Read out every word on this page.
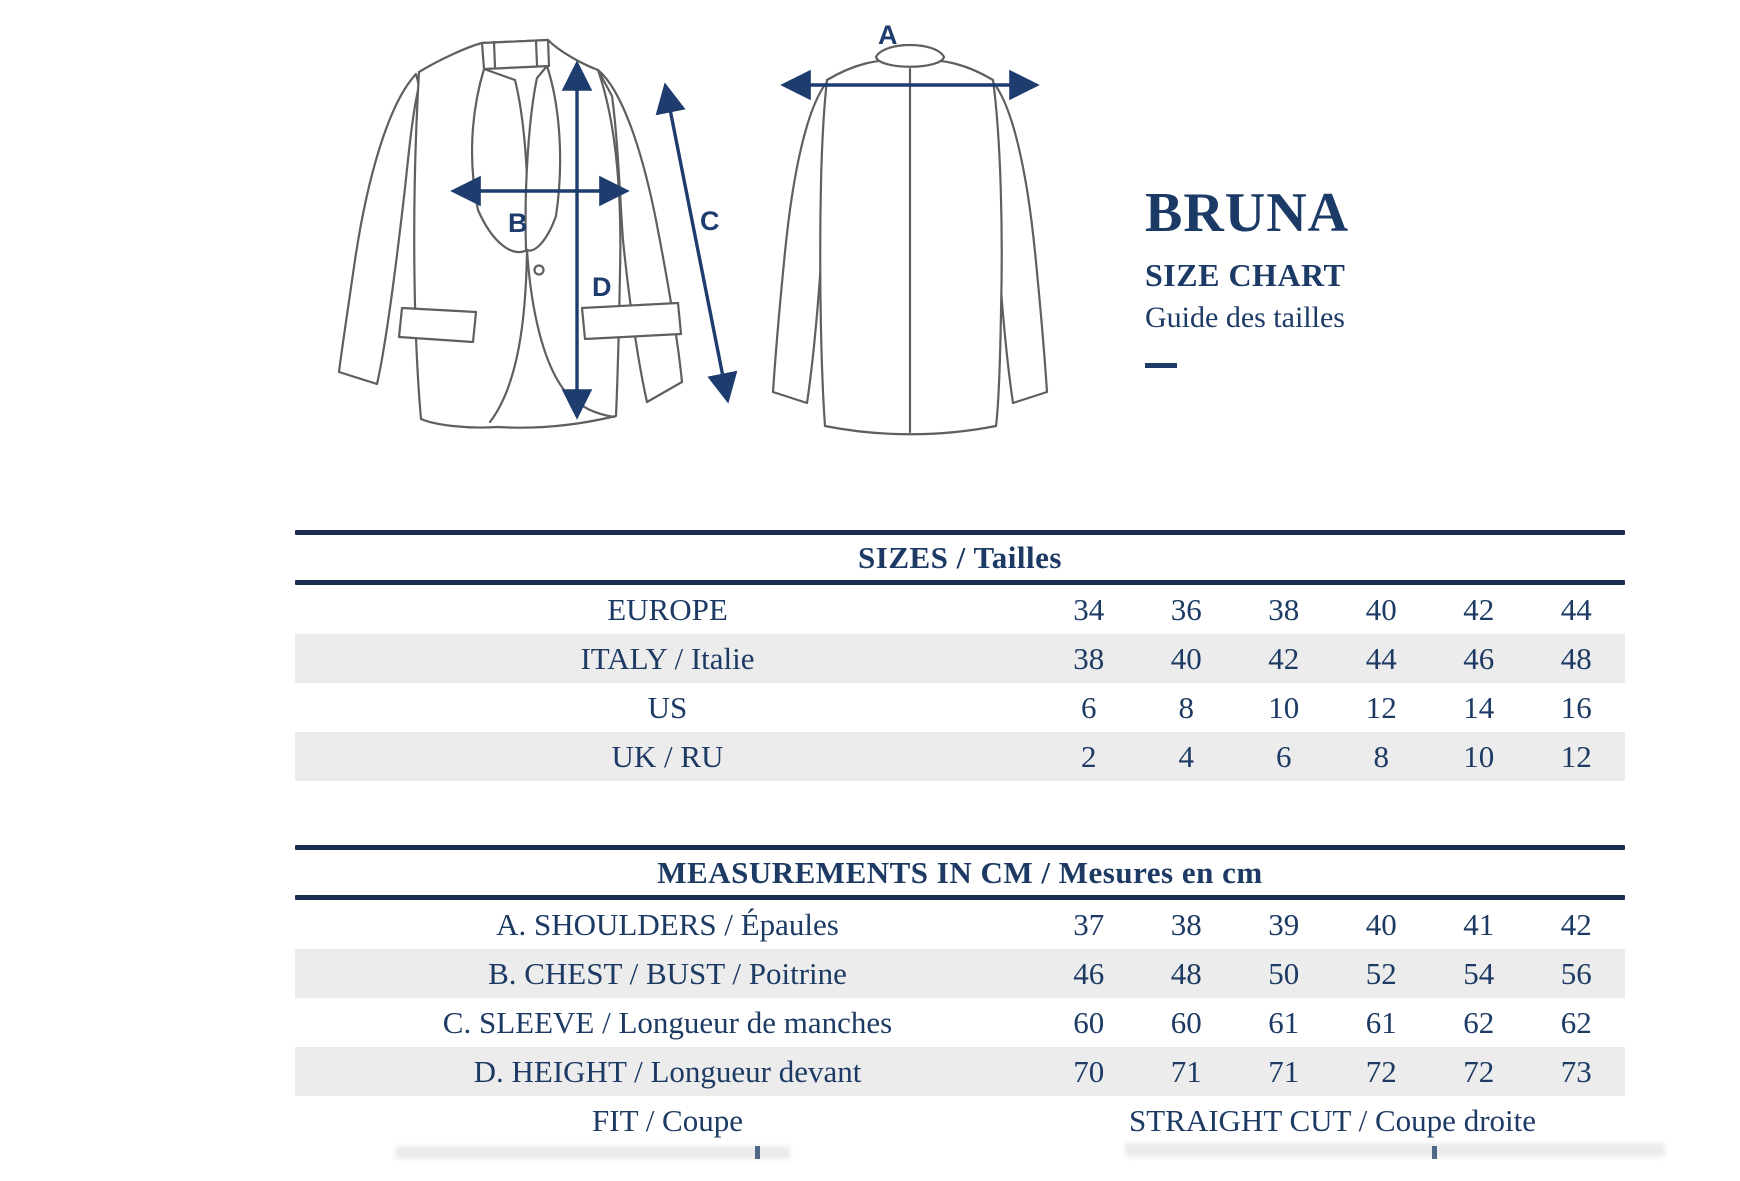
A
B	C
D
BRUNA
SIZE CHART
Guide des tailles
SIZES / Tailles
EUROPE	34	36	38	40	42	44
ITALY / Italie	38	40	42	44	46	48
US	6	8	10	12	14	16
UK / RU	2	4	6	8	10	12
MEASUREMENTS IN CM / Mesures en cm
A. SHOULDERS / Épaules	37	38	39	40	41	42
B. CHEST / BUST / Poitrine	46	48	50	52	54	56
C. SLEEVE / Longueur de manches	60	60	61	61	62	62
D. HEIGHT / Longueur devant	70	71	71	72	72	73
FIT / Coupe	STRAIGHT CUT / Coupe droite
